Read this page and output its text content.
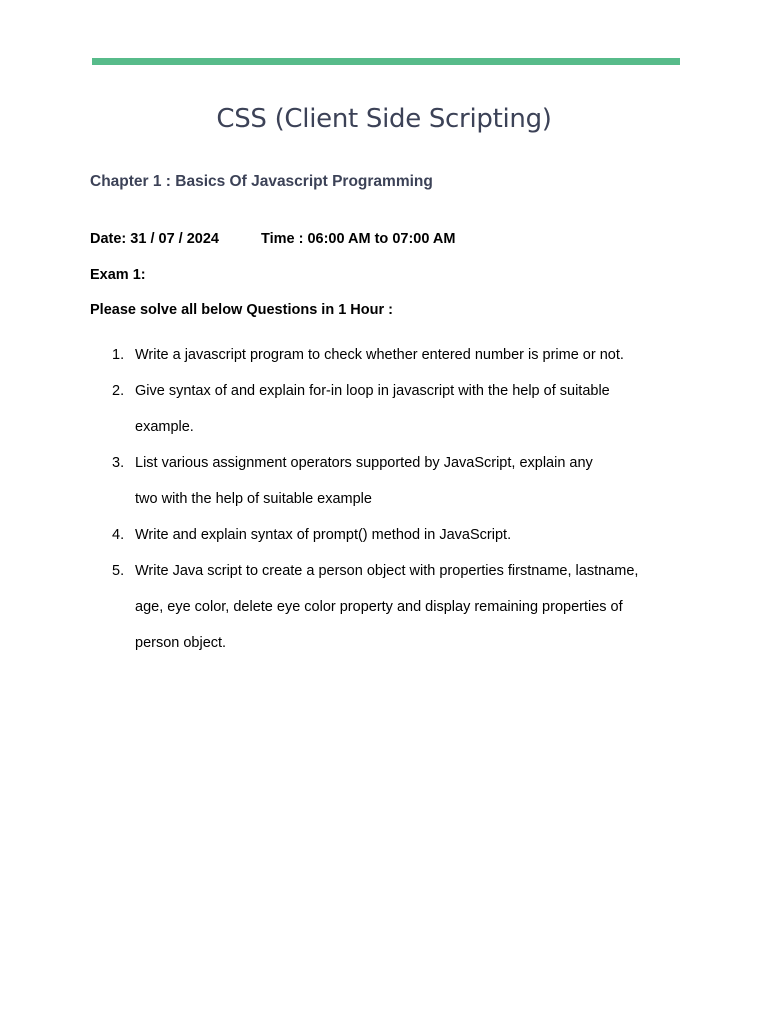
CSS (Client Side Scripting)
Chapter 1 : Basics Of Javascript Programming

Date: 31 / 07 / 2024	Time : 06:00 AM to 07:00 AM

Exam 1:

Please solve all below Questions in 1 Hour :

1. Write a javascript program to check whether entered number is prime or not.
2. Give syntax of and explain for-in loop in javascript with the help of suitable
example.
3. List various assignment operators supported by JavaScript, explain any
two with the help of suitable example
4. Write and explain syntax of prompt() method in JavaScript.
5. Write Java script to create a person object with properties firstname, lastname,
age, eye color, delete eye color property and display remaining properties of
person object.
